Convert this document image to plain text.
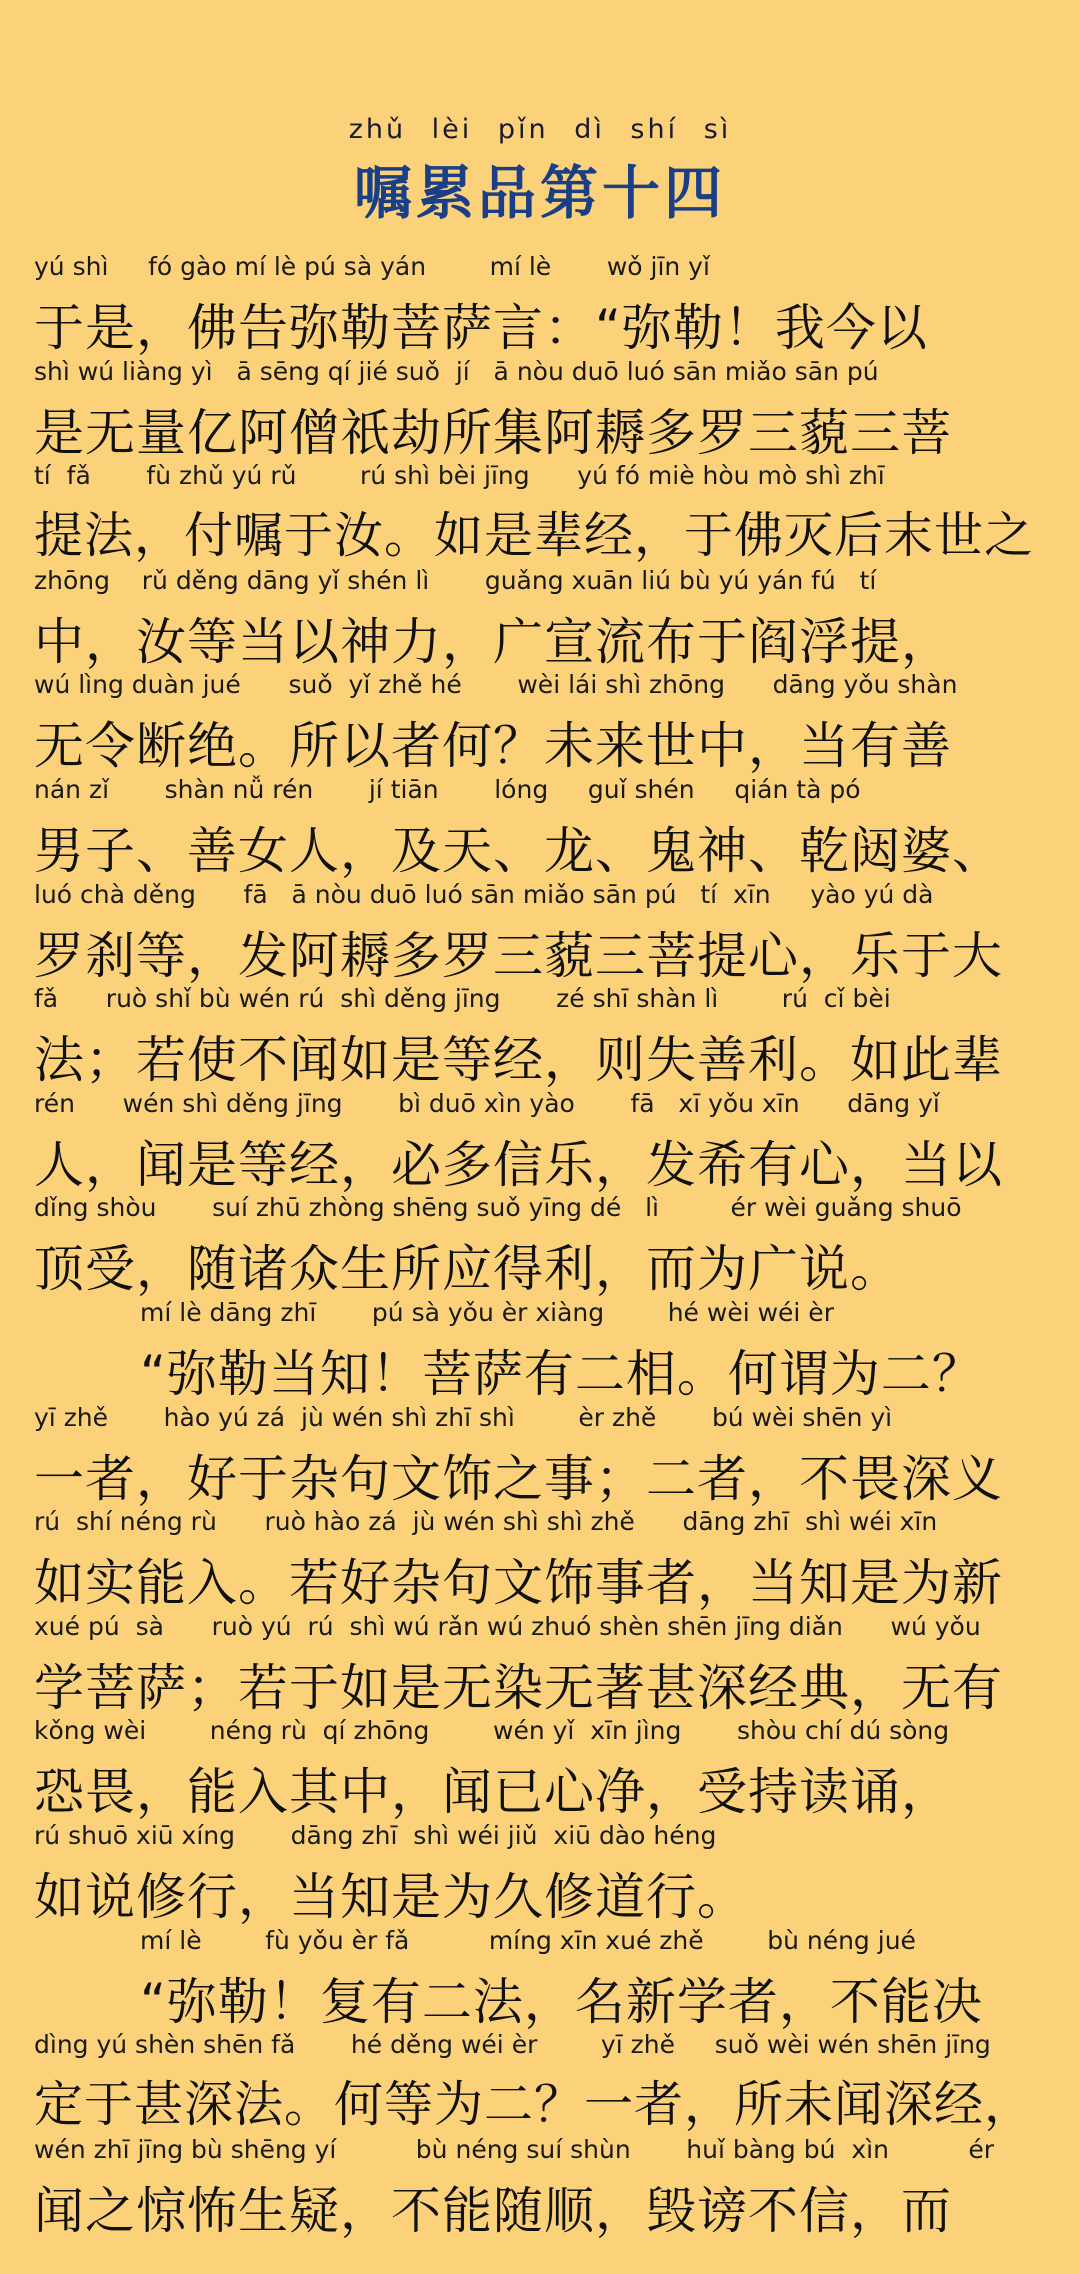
zhǔ lèi pǐn dì shí sì
嘱累品第十四
yú shì     fó gào mí lè pú sà yán        mí lè       wǒ jīn yǐ
于是，佛告弥勒菩萨言：“弥勒！我今以
shì wú liàng yì   ā sēng qí jié suǒ  jí   ā nòu duō luó sān miǎo sān pú
是无量亿阿僧祇劫所集阿耨多罗三藐三菩
tí  fǎ       fù zhǔ yú rǔ        rú shì bèi jīng      yú fó miè hòu mò shì zhī
提法，付嘱于汝。如是辈经，于佛灭后末世之
zhōng    rǔ děng dāng yǐ shén lì       guǎng xuān liú bù yú yán fú   tí
中，汝等当以神力，广宣流布于阎浮提，
wú lìng duàn jué      suǒ  yǐ zhě hé       wèi lái shì zhōng      dāng yǒu shàn
无令断绝。所以者何？未来世中，当有善
nán zǐ       shàn nǚ rén       jí tiān       lóng     guǐ shén     qián tà pó
男子、善女人，及天、龙、鬼神、乾闼婆、
luó chà děng      fā   ā nòu duō luó sān miǎo sān pú   tí  xīn     yào yú dà
罗刹等，发阿耨多罗三藐三菩提心，乐于大
fǎ      ruò shǐ bù wén rú  shì děng jīng       zé shī shàn lì        rú  cǐ bèi
法；若使不闻如是等经，则失善利。如此辈
rén      wén shì děng jīng       bì duō xìn yào       fā   xī yǒu xīn      dāng yǐ
人，闻是等经，必多信乐，发希有心，当以
dǐng shòu       suí zhū zhòng shēng suǒ yīng dé   lì         ér wèi guǎng shuō
顶受，随诸众生所应得利，而为广说。
mí lè dāng zhī       pú sà yǒu èr xiàng        hé wèi wéi èr
“弥勒当知！菩萨有二相。何谓为二？
yī zhě       hào yú zá  jù wén shì zhī shì        èr zhě       bú wèi shēn yì
一者，好于杂句文饰之事；二者，不畏深义
rú  shí néng rù      ruò hào zá  jù wén shì shì zhě      dāng zhī  shì wéi xīn
如实能入。若好杂句文饰事者，当知是为新
xué pú  sà      ruò yú  rú  shì wú rǎn wú zhuó shèn shēn jīng diǎn      wú yǒu
学菩萨；若于如是无染无著甚深经典，无有
kǒng wèi        néng rù  qí zhōng        wén yǐ  xīn jìng       shòu chí dú sòng
恐畏，能入其中，闻已心净，受持读诵，
rú shuō xiū xíng       dāng zhī  shì wéi jiǔ  xiū dào héng
如说修行，当知是为久修道行。
mí lè        fù yǒu èr fǎ          míng xīn xué zhě        bù néng jué
“弥勒！复有二法，名新学者，不能决
dìng yú shèn shēn fǎ       hé děng wéi èr        yī zhě     suǒ wèi wén shēn jīng
定于甚深法。何等为二？一者，所未闻深经，
wén zhī jīng bù shēng yí          bù néng suí shùn       huǐ bàng bú  xìn          ér
闻之惊怖生疑，不能随顺，毁谤不信，而
